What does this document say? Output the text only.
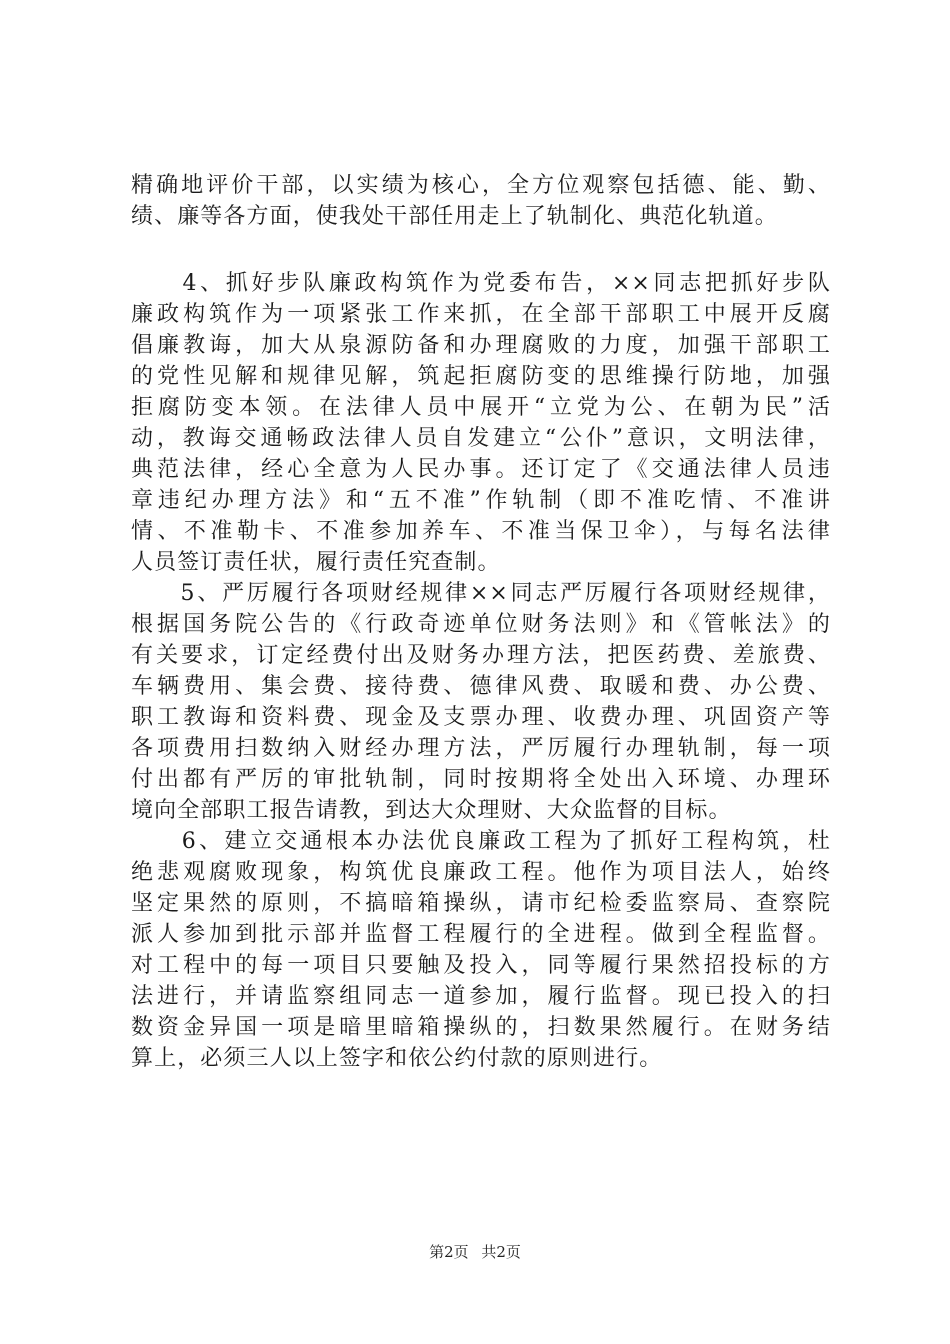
精确地评价干部，以实绩为核心，全方位观察包括德、能、勤、
绩、廉等各方面，使我处干部任用走上了轨制化、典范化轨道。
　　4、抓好步队廉政构筑作为党委布告，××同志把抓好步队
廉政构筑作为一项紧张工作来抓，在全部干部职工中展开反腐
倡廉教诲，加大从泉源防备和办理腐败的力度，加强干部职工
的党性见解和规律见解，筑起拒腐防变的思维操行防地，加强
拒腐防变本领。在法律人员中展开“立党为公、在朝为民”活
动，教诲交通畅政法律人员自发建立“公仆”意识，文明法律，
典范法律，经心全意为人民办事。还订定了《交通法律人员违
章违纪办理方法》和“五不准”作轨制（即不准吃情、不准讲
情、不准勒卡、不准参加养车、不准当保卫伞），与每名法律
人员签订责任状，履行责任究查制。
　　5、严厉履行各项财经规律××同志严厉履行各项财经规律，
根据国务院公告的《行政奇迹单位财务法则》和《管帐法》的
有关要求，订定经费付出及财务办理方法，把医药费、差旅费、
车辆费用、集会费、接待费、德律风费、取暖和费、办公费、
职工教诲和资料费、现金及支票办理、收费办理、巩固资产等
各项费用扫数纳入财经办理方法，严厉履行办理轨制，每一项
付出都有严厉的审批轨制，同时按期将全处出入环境、办理环
境向全部职工报告请教，到达大众理财、大众监督的目标。
　　6、建立交通根本办法优良廉政工程为了抓好工程构筑，杜
绝悲观腐败现象，构筑优良廉政工程。他作为项目法人，始终
坚定果然的原则，不搞暗箱操纵，请市纪检委监察局、查察院
派人参加到批示部并监督工程履行的全进程。做到全程监督。
对工程中的每一项目只要触及投入，同等履行果然招投标的方
法进行，并请监察组同志一道参加，履行监督。现已投入的扫
数资金异国一项是暗里暗箱操纵的，扫数果然履行。在财务结
算上，必须三人以上签字和依公约付款的原则进行。
第2页 共2页
